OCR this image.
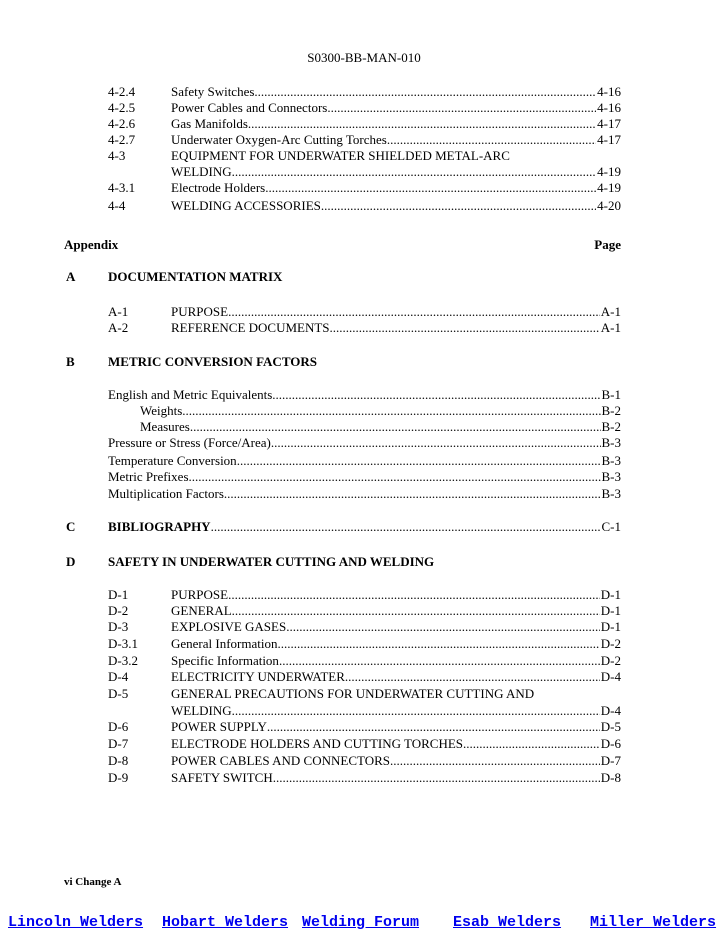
S0300-BB-MAN-010
4-2.4	Safety Switches .....	4-16
4-2.5	Power Cables and Connectors .....	4-16
4-2.6	Gas Manifolds .....	4-17
4-2.7	Underwater Oxygen-Arc Cutting Torches .....	4-17
4-3	EQUIPMENT FOR UNDERWATER SHIELDED METAL-ARC
WELDING .....	4-19
4-3.1	Electrode Holders .....	4-19
4-4	WELDING ACCESSORIES .....	4-20
Appendix	Page
A	DOCUMENTATION MATRIX
A-1	PURPOSE .....	A-1
A-2	REFERENCE DOCUMENTS .....	A-1
B	METRIC CONVERSION FACTORS
English and Metric Equivalents .....	B-1
Weights .....	B-2
Measures .....	B-2
Pressure or Stress (Force/Area) .....	B-3
Temperature Conversion .....	B-3
Metric Prefixes .....	B-3
Multiplication Factors .....	B-3
C	BIBLIOGRAPHY .....	C-1
D	SAFETY IN UNDERWATER CUTTING AND WELDING
D-1	PURPOSE .....	D-1
D-2	GENERAL .....	D-1
D-3	EXPLOSIVE GASES .....	D-1
D-3.1	General Information .....	D-2
D-3.2	Specific Information .....	D-2
D-4	ELECTRICITY UNDERWATER .....	D-4
D-5	GENERAL PRECAUTIONS FOR UNDERWATER CUTTING AND
WELDING .....	D-4
D-6	POWER SUPPLY .....	D-5
D-7	ELECTRODE HOLDERS AND CUTTING TORCHES .....	D-6
D-8	POWER CABLES AND CONNECTORS .....	D-7
D-9	SAFETY SWITCH .....	D-8
vi Change A
Lincoln Welders Hobart Welders Welding Forum Esab Welders Miller Welders
